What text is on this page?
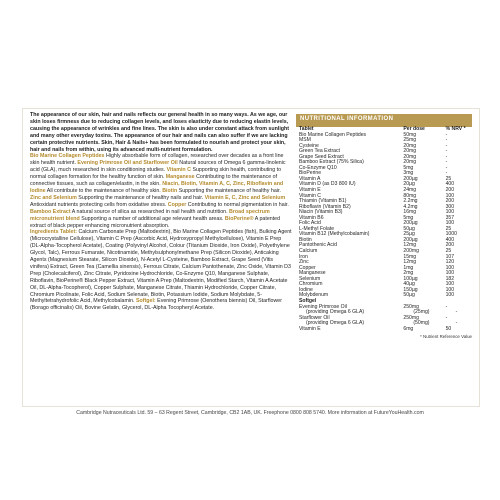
The appearance of our skin, hair and nails reflects our general health in so many ways. As we age, our skin loses firmness due to reducing collagen levels, and loses elasticity due to reducing elastin levels, causing the appearance of wrinkles and fine lines. The skin is also under constant attack from sunlight and many other everyday toxins. The appearance of our hair and nails can also suffer if we are lacking certain protective nutrients. Skin, Hair & Nails+ has been formulated to nourish and protect your skin, hair and nails from within, using its advanced multi-nutrient formulation.

Bio Marine Collagen Peptides Highly absorbable form of collagen, researched over decades as a front line skin health nutrient. Evening Primrose Oil and Starflower Oil Natural sources of Omega 6 gamma-linolenic acid (GLA), much researched in skin conditioning studies. Vitamin C Supporting skin health, contributing to normal collagen formation for the healthy function of skin. Manganese Contributing to the maintenance of connective tissues, such as collagen/elastin, in the skin. Niacin, Biotin, Vitamin A, C, Zinc, Riboflavin and Iodine All contribute to the maintenance of healthy skin. Biotin Supporting the maintenance of healthy hair. Zinc and Selenium Supporting the maintenance of healthy nails and hair. Vitamin E, C, Zinc and Selenium Antioxidant nutrients protecting cells from oxidative stress. Copper Contributing to normal pigmentation in hair. Bamboo Extract A natural source of silica as researched in nail health and nutrition. Broad spectrum micronutrient blend Supporting a number of additional age relevant health areas. BioPerine® A patented extract of black pepper enhancing micronutrient absorption.

Ingredients Tablet: Calcium Carbonate Prep (Maltodextrin), Bio Marine Collagen Peptides (fish), Bulking Agent (Microcrystalline Cellulose), Vitamin C Prep (Ascorbic Acid, Hydroxypropyl Methylcellulose), Vitamin E Prep (DL-Alpha-Tocopherol Acetate), Coating (Polyvinyl Alcohol, Colour (Titanium Dioxide, Iron Oxide), Polyethylene Glycol, Talc), Ferrous Fumarate, Nicotinamide, Methylsulphonylmethane Prep (Silicon Dioxide), Anticaking Agents (Magnesium Stearate, Silicon Dioxide), N-Acetyl L-Cysteine, Bamboo Extract, Grape Seed (Vitis vinifera) Extract, Green Tea (Camellia sinensis), Ferrous Citrate, Calcium Pantothenate, Zinc Oxide, Vitamin D3 Prep (Cholecalciferol), Zinc Citrate, Pyridoxine Hydrochloride, Co-Enzyme Q10, Manganese Sulphate, Riboflavin, BioPerine® Black Pepper Extract, Vitamin A Prep (Maltodextrin, Modified Starch, Vitamin A Acetate Oil, DL-Alpha-Tocopherol), Copper Sulphate, Manganese Citrate, Thiamin Hydrochloride, Copper Citrate, Chromium Picolinate, Folic Acid, Sodium Selenate, Biotin, Potassium Iodide, Sodium Molybdate, 5-Methyltetrahydrofolic Acid, Methylcobalamin. Softgel: Evening Primrose (Oenothera biennis) Oil, Starflower (Borago officinalis) Oil, Bovine Gelatin, Glycerol, DL-Alpha Tocopheryl Acetate.

NUTRITIONAL INFORMATION
Tablet	Per dose	% NRV *
Bio Marine Collagen Peptides	50mg	-
MSM	25mg	-
Cysteine	20mg	-
Green Tea Extract	20mg	-
Grape Seed Extract	20mg	-
Bamboo Extract (75% Silica)	20mg	-
Co-Enzyme Q10	5mg	-
BioPerine	3mg	-
Vitamin A	200µg	25
Vitamin D (as D3 800 IU)	20µg	400
Vitamin E	24mg	200
Vitamin C	80mg	100
Thiamin (Vitamin B1)	2.2mg	200
Riboflavin (Vitamin B2)	4.2mg	300
Niacin (Vitamin B3)	16mg	100
Vitamin B6	5mg	357
Folic Acid	200µg	100
L-Methyl Folate	50µg	25
Vitamin B12 (Methylcobalamin)	25µg	1000
Biotin	200µg	400
Pantothenic Acid	12mg	200
Calcium	200mg	25
Iron	15mg	107
Zinc	12mg	120
Copper	1mg	100
Manganese	2mg	100
Selenium	100µg	182
Chromium	40µg	100
Iodine	150µg	100
Molybdenum	50µg	100
Softgel		
Evening Primrose Oil	250mg	-
(providing Omega 6 GLA)	(25mg)	-
Starflower Oil	250mg	-
(providing Omega 6 GLA)	(50mg)	-
Vitamin E	6mg	50
* Nutrient Reference Value
Cambridge Nutraceuticals Ltd. 59 – 63 Regent Street, Cambridge, CB2 1AB, UK. Freephone 0800 808 5740. More information at FutureYouHealth.com
